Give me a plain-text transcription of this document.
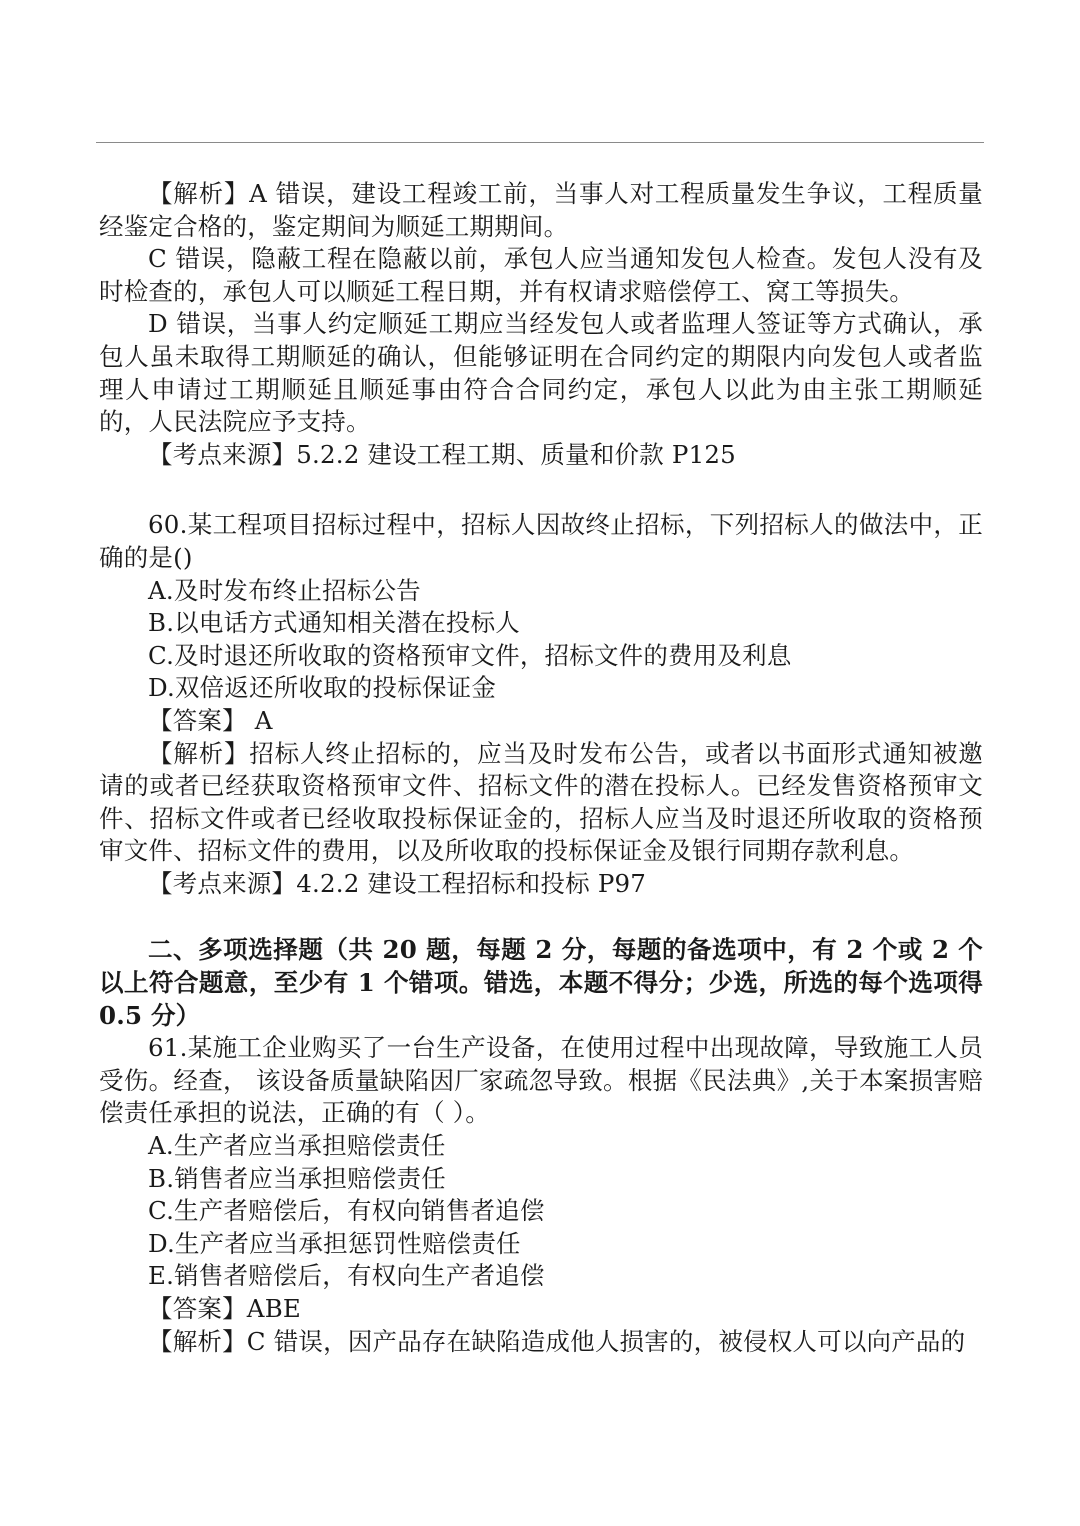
【解析】A 错误，建设工程竣工前，当事人对工程质量发生争议，工程质量经鉴定合格的，鉴定期间为顺延工期期间。

C 错误，隐蔽工程在隐蔽以前，承包人应当通知发包人检查。发包人没有及时检查的，承包人可以顺延工程日期，并有权请求赔偿停工、窝工等损失。

D 错误，当事人约定顺延工期应当经发包人或者监理人签证等方式确认，承包人虽未取得工期顺延的确认，但能够证明在合同约定的期限内向发包人或者监理人申请过工期顺延且顺延事由符合合同约定，承包人以此为由主张工期顺延的，人民法院应予支持。

【考点来源】5.2.2 建设工程工期、质量和价款 P125

60.某工程项目招标过程中，招标人因故终止招标，下列招标人的做法中，正确的是()

A.及时发布终止招标公告

B.以电话方式通知相关潜在投标人

C.及时退还所收取的资格预审文件，招标文件的费用及利息

D.双倍返还所收取的投标保证金

【答案】 A

【解析】招标人终止招标的，应当及时发布公告，或者以书面形式通知被邀请的或者已经获取资格预审文件、招标文件的潜在投标人。已经发售资格预审文件、招标文件或者已经收取投标保证金的，招标人应当及时退还所收取的资格预审文件、招标文件的费用，以及所收取的投标保证金及银行同期存款利息。

【考点来源】4.2.2 建设工程招标和投标 P97

二、多项选择题（共 20 题，每题 2 分，每题的备选项中，有 2 个或 2 个以上符合题意，至少有 1 个错项。错选，本题不得分；少选，所选的每个选项得 0.5 分）

61.某施工企业购买了一台生产设备，在使用过程中出现故障，导致施工人员受伤。经查， 该设备质量缺陷因厂家疏忽导致。根据《民法典》,关于本案损害赔偿责任承担的说法，正确的有（ ）。

A.生产者应当承担赔偿责任

B.销售者应当承担赔偿责任

C.生产者赔偿后，有权向销售者追偿

D.生产者应当承担惩罚性赔偿责任

E.销售者赔偿后，有权向生产者追偿

【答案】ABE

【解析】C 错误，因产品存在缺陷造成他人损害的，被侵权人可以向产品的
